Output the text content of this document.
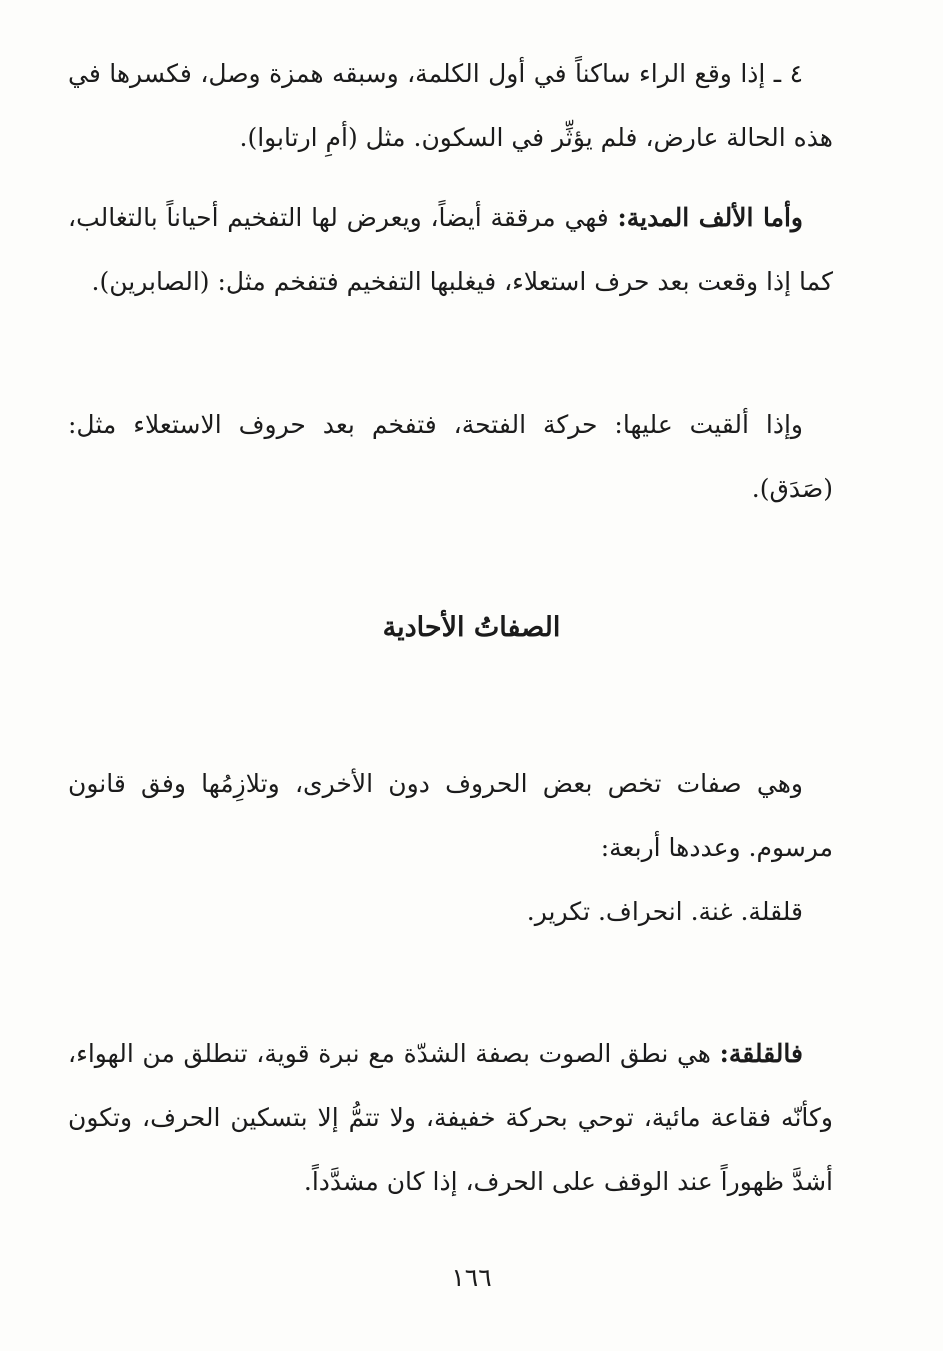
٤ ـ إذا وقع الراء ساكناً في أول الكلمة، وسبقه همزة وصل، فكسرها في هذه الحالة عارض، فلم يؤثِّر في السكون. مثل (أمِ ارتابوا).

وأما الألف المدية: فهي مرققة أيضاً، ويعرض لها التفخيم أحياناً بالتغالب، كما إذا وقعت بعد حرف استعلاء، فيغلبها التفخيم فتفخم مثل: (الصابرين).

وإذا ألقيت عليها: حركة الفتحة، فتفخم بعد حروف الاستعلاء مثل: (صَدَق).

الصفاتُ الأحادية

وهي صفات تخص بعض الحروف دون الأخرى، وتلازِمُها وفق قانون مرسوم. وعددها أربعة:

قلقلة. غنة. انحراف. تكرير.

فالقلقة: هي نطق الصوت بصفة الشدّة مع نبرة قوية، تنطلق من الهواء، وكأنّه فقاعة مائية، توحي بحركة خفيفة، ولا تتمُّ إلا بتسكين الحرف، وتكون أشدَّ ظهوراً عند الوقف على الحرف، إذا كان مشدَّداً.

١٦٦
